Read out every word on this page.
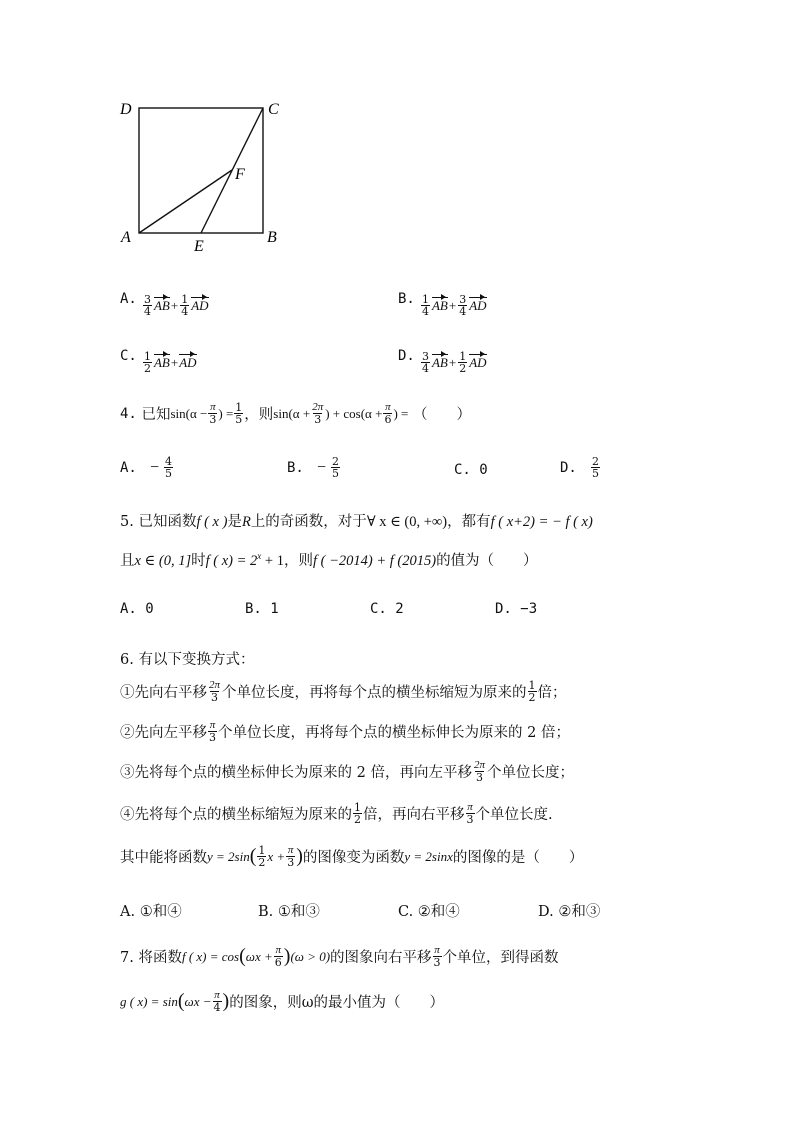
D	C
F
A
E
B
A. $\frac{3}{4}$ AB + $\frac{1}{4}$ AD	B. $\frac{1}{4}$ AB + $\frac{3}{4}$ AD
C. $\frac{1}{2}$ AB + AD	D. $\frac{3}{4}$ AB + $\frac{1}{2}$ AD
4.
已知 $\sin(\alpha - \frac{\pi}{3}$ ) = $\frac{1}{5}$ ，则 $\sin(\alpha + \frac{2\pi}{3}$ ) + $\cos(\alpha + \frac{\pi}{6}$ ) =
（　　）
A.
− $\frac{4}{5}$	B.
− $\frac{2}{5}$	C. 0	D.
$\frac{2}{5}$
5. 已知函数f ( x )是R上的奇函数，对于∀ x ∈ (0, +∞)，都有f ( x+2) = − f ( x)
且x ∈ (0, 1]时f ( $x) = 2^x + 1$，则f ( −2014) + f (2015)的值为（　　）
A. 0	B. 1	C. 2	D. −3
6. 有以下变换方式：
①先向右平移 $\frac{2\pi}{3}$ 个单位长度，再将每个点的横坐标缩短为原来的 $\frac{1}{2}$ 倍；
②先向左平移 $\frac{\pi}{3}$ 个单位长度，再将每个点的横坐标伸长为原来的 2 倍；
③先将每个点的横坐标伸长为原来的 2 倍，再向左平移 $\frac{2\pi}{3}$ 个单位长度；
④先将每个点的横坐标缩短为原来的 $\frac{1}{2}$ 倍，再向右平移 $\frac{\pi}{3}$ 个单位长度.
其中能将函数 y = 2sin ( $\frac{1}{2}$ $x + \frac{\pi}{3}$ ) 的图像变为函数 y = 2sinx 的图像的是（　　）
A. ①和④	B. ①和③	C. ②和④	D. ②和③
7. 将函数 f ( x) = cos ( $\omega x + \frac{\pi}{6}$ ) (ω > 0) 的图象向右平移 $\frac{\pi}{3}$ 个单位，到得函数
g ( x) = sin ( $\omega x - \frac{\pi}{4}$ ) 的图象，则ω的最小值为（　　）
